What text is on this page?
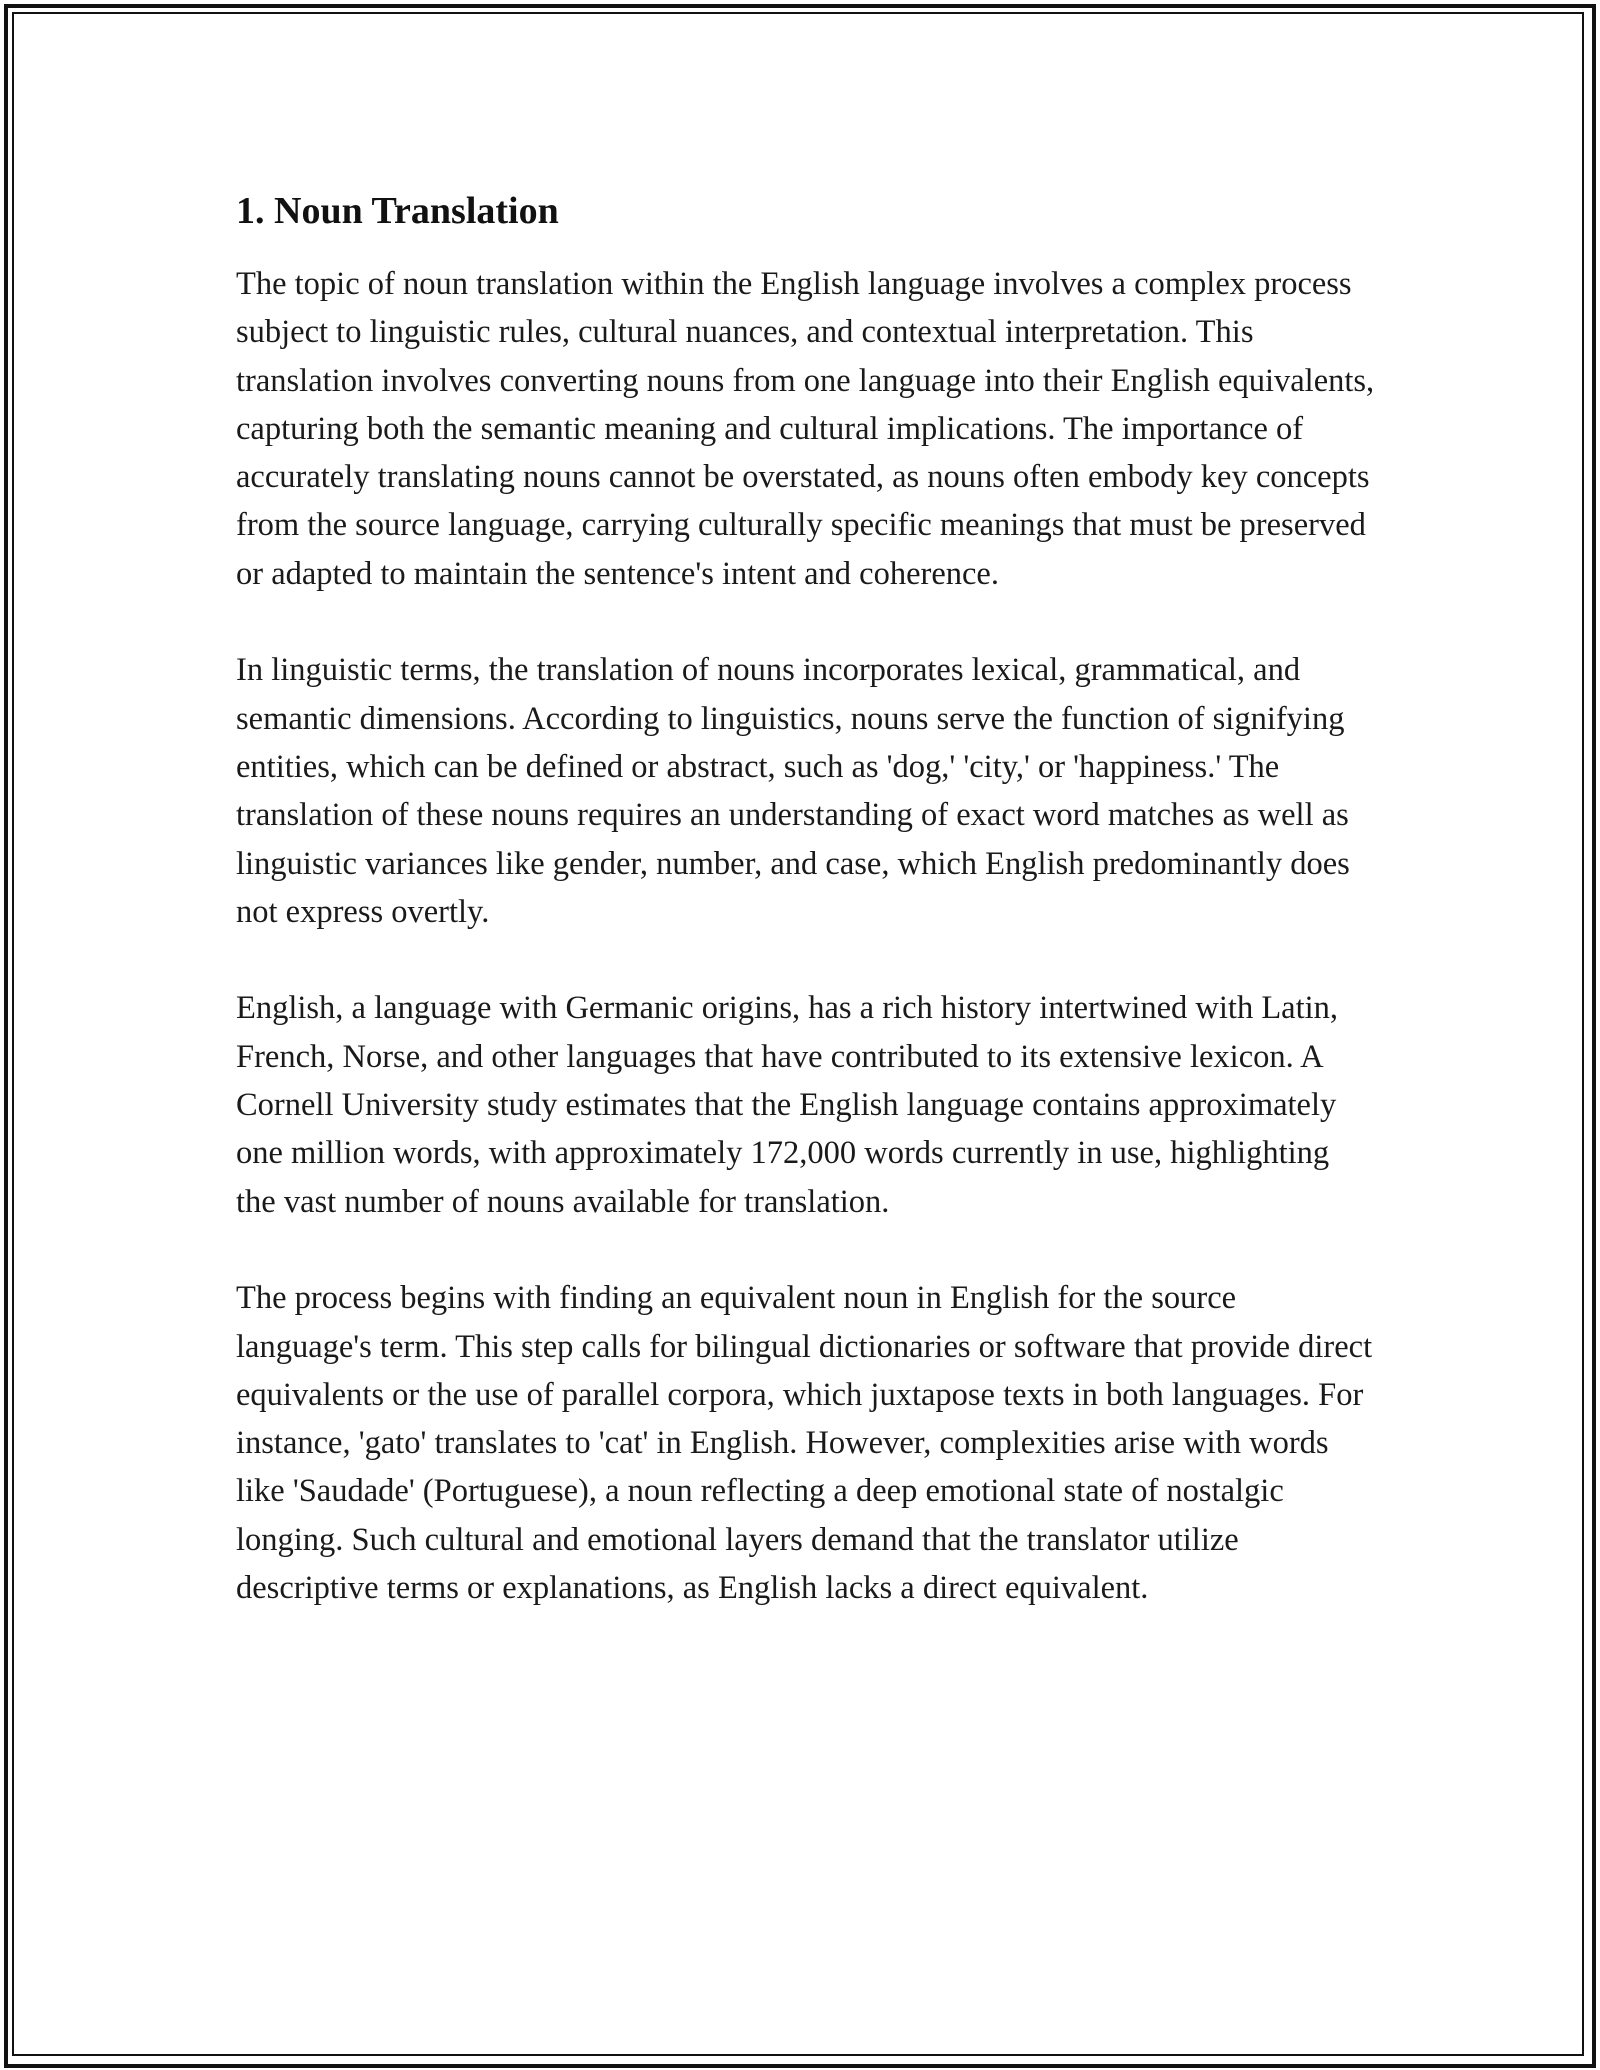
1. Noun Translation

The topic of noun translation within the English language involves a complex process subject to linguistic rules, cultural nuances, and contextual interpretation. This translation involves converting nouns from one language into their English equivalents, capturing both the semantic meaning and cultural implications. The importance of accurately translating nouns cannot be overstated, as nouns often embody key concepts from the source language, carrying culturally specific meanings that must be preserved or adapted to maintain the sentence's intent and coherence.

In linguistic terms, the translation of nouns incorporates lexical, grammatical, and semantic dimensions. According to linguistics, nouns serve the function of signifying entities, which can be defined or abstract, such as 'dog,' 'city,' or 'happiness.' The translation of these nouns requires an understanding of exact word matches as well as linguistic variances like gender, number, and case, which English predominantly does not express overtly.

English, a language with Germanic origins, has a rich history intertwined with Latin, French, Norse, and other languages that have contributed to its extensive lexicon. A Cornell University study estimates that the English language contains approximately one million words, with approximately 172,000 words currently in use, highlighting the vast number of nouns available for translation.

The process begins with finding an equivalent noun in English for the source language's term. This step calls for bilingual dictionaries or software that provide direct equivalents or the use of parallel corpora, which juxtapose texts in both languages. For instance, 'gato' translates to 'cat' in English. However, complexities arise with words like 'Saudade' (Portuguese), a noun reflecting a deep emotional state of nostalgic longing. Such cultural and emotional layers demand that the translator utilize descriptive terms or explanations, as English lacks a direct equivalent.
